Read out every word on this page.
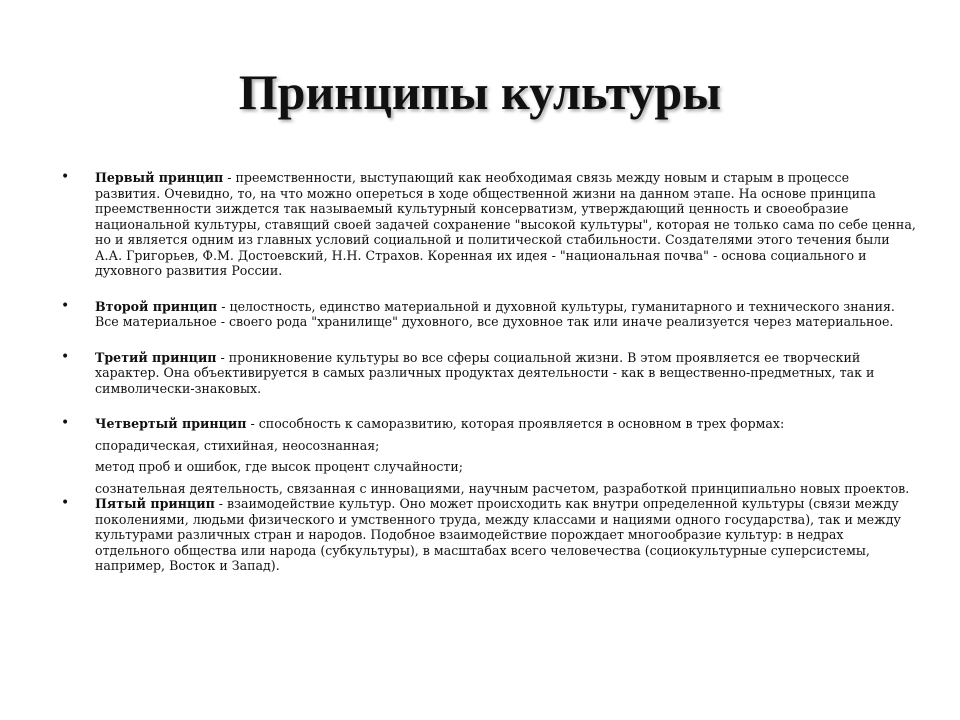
Принципы культуры
• Первый принцип - преемственности, выступающий как необходимая связь между новым и старым в процессе развития. Очевидно, то, на что можно опереться в ходе общественной жизни на данном этапе. На основе принципа преемственности зиждется так называемый культурный консерватизм, утверждающий ценность и своеобразие национальной культуры, ставящий своей задачей сохранение "высокой культуры", которая не только сама по себе ценна, но и является одним из главных условий социальной и политической стабильности. Создателями этого течения были А.А. Григорьев, Ф.М. Достоевский, Н.Н. Страхов. Коренная их идея - "национальная почва" - основа социального и духовного развития России.
• Второй принцип - целостность, единство материальной и духовной культуры, гуманитарного и технического знания. Все материальное - своего рода "хранилище" духовного, все духовное так или иначе реализуется через материальное.
• Третий принцип - проникновение культуры во все сферы социальной жизни. В этом проявляется ее творческий характер. Она объективируется в самых различных продуктах деятельности - как в вещественно-предметных, так и символически-знаковых.
• Четвертый принцип - способность к саморазвитию, которая проявляется в основном в трех формах:
спорадическая, стихийная, неосознанная;
метод проб и ошибок, где высок процент случайности;
сознательная деятельность, связанная с инновациями, научным расчетом, разработкой принципиально новых проектов.
• Пятый принцип - взаимодействие культур. Оно может происходить как внутри определенной культуры (связи между поколениями, людьми физического и умственного труда, между классами и нациями одного государства), так и между культурами различных стран и народов. Подобное взаимодействие порождает многообразие культур: в недрах отдельного общества или народа (субкультуры), в масштабах всего человечества (социокультурные суперсистемы, например, Восток и Запад).
